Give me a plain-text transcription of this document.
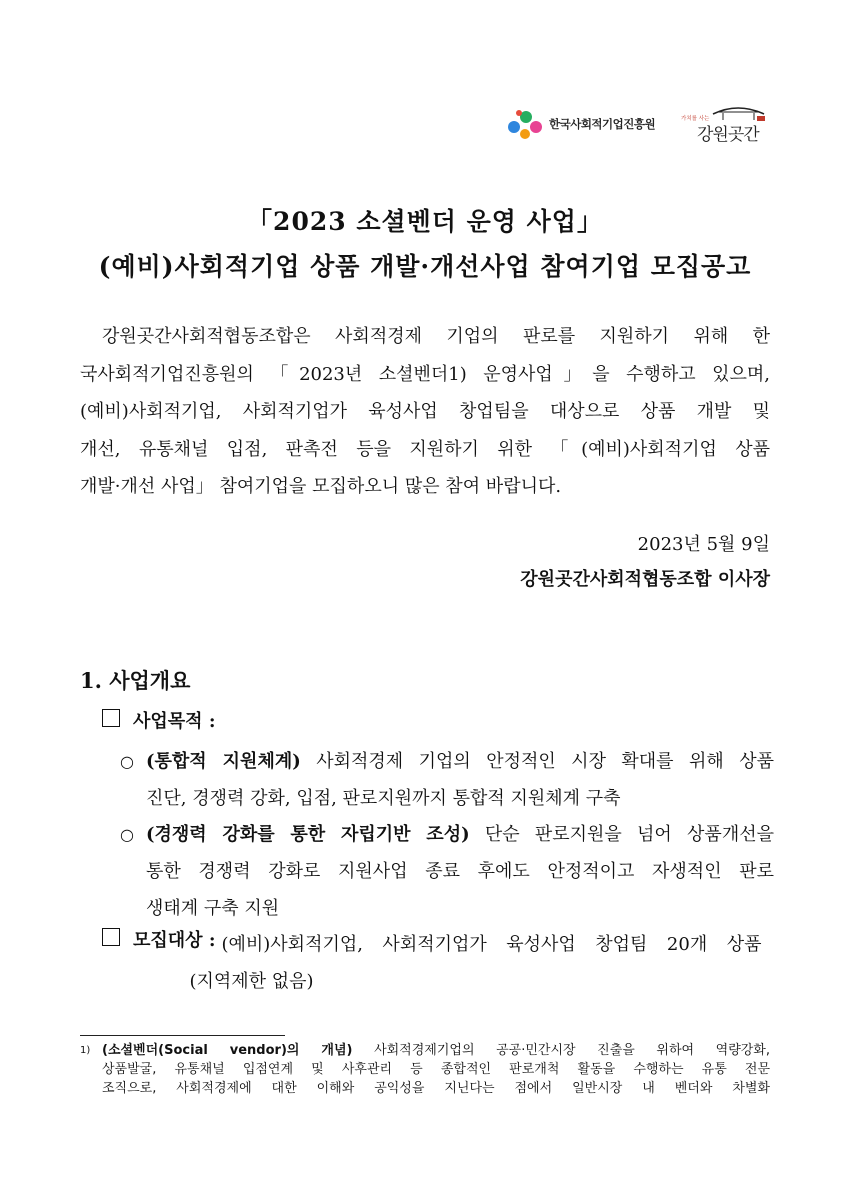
한국사회적기업진흥원	가치를 사는
강원곳간
「2023 소셜벤더 운영 사업」
(예비)사회적기업 상품 개발·개선사업 참여기업 모집공고
강원곳간사회적협동조합은 사회적경제 기업의 판로를 지원하기 위해 한
국사회적기업진흥원의 「2023년 소셜벤더1) 운영사업」을 수행하고 있으며,
(예비)사회적기업, 사회적기업가 육성사업 창업팀을 대상으로 상품 개발 및
개선, 유통채널 입점, 판촉전 등을 지원하기 위한 「(예비)사회적기업 상품
개발·개선 사업」 참여기업을 모집하오니 많은 참여 바랍니다.
2023년 5월 9일
강원곳간사회적협동조합 이사장
1. 사업개요
사업목적 :
○ (통합적 지원체계) 사회적경제 기업의 안정적인 시장 확대를 위해 상품
진단, 경쟁력 강화, 입점, 판로지원까지 통합적 지원체계 구축
○ (경쟁력 강화를 통한 자립기반 조성) 단순 판로지원을 넘어 상품개선을
통한 경쟁력 강화로 지원사업 종료 후에도 안정적이고 자생적인 판로
생태계 구축 지원
모집대상 : (예비)사회적기업, 사회적기업가 육성사업 창업팀 20개 상품
(지역제한 없음)
1) (소셜벤더(Social vendor)의 개념) 사회적경제기업의 공공·민간시장 진출을 위하여 역량강화,
상품발굴, 유통채널 입점연계 및 사후관리 등 종합적인 판로개척 활동을 수행하는 유통 전문
조직으로, 사회적경제에 대한 이해와 공익성을 지닌다는 점에서 일반시장 내 벤더와 차별화
